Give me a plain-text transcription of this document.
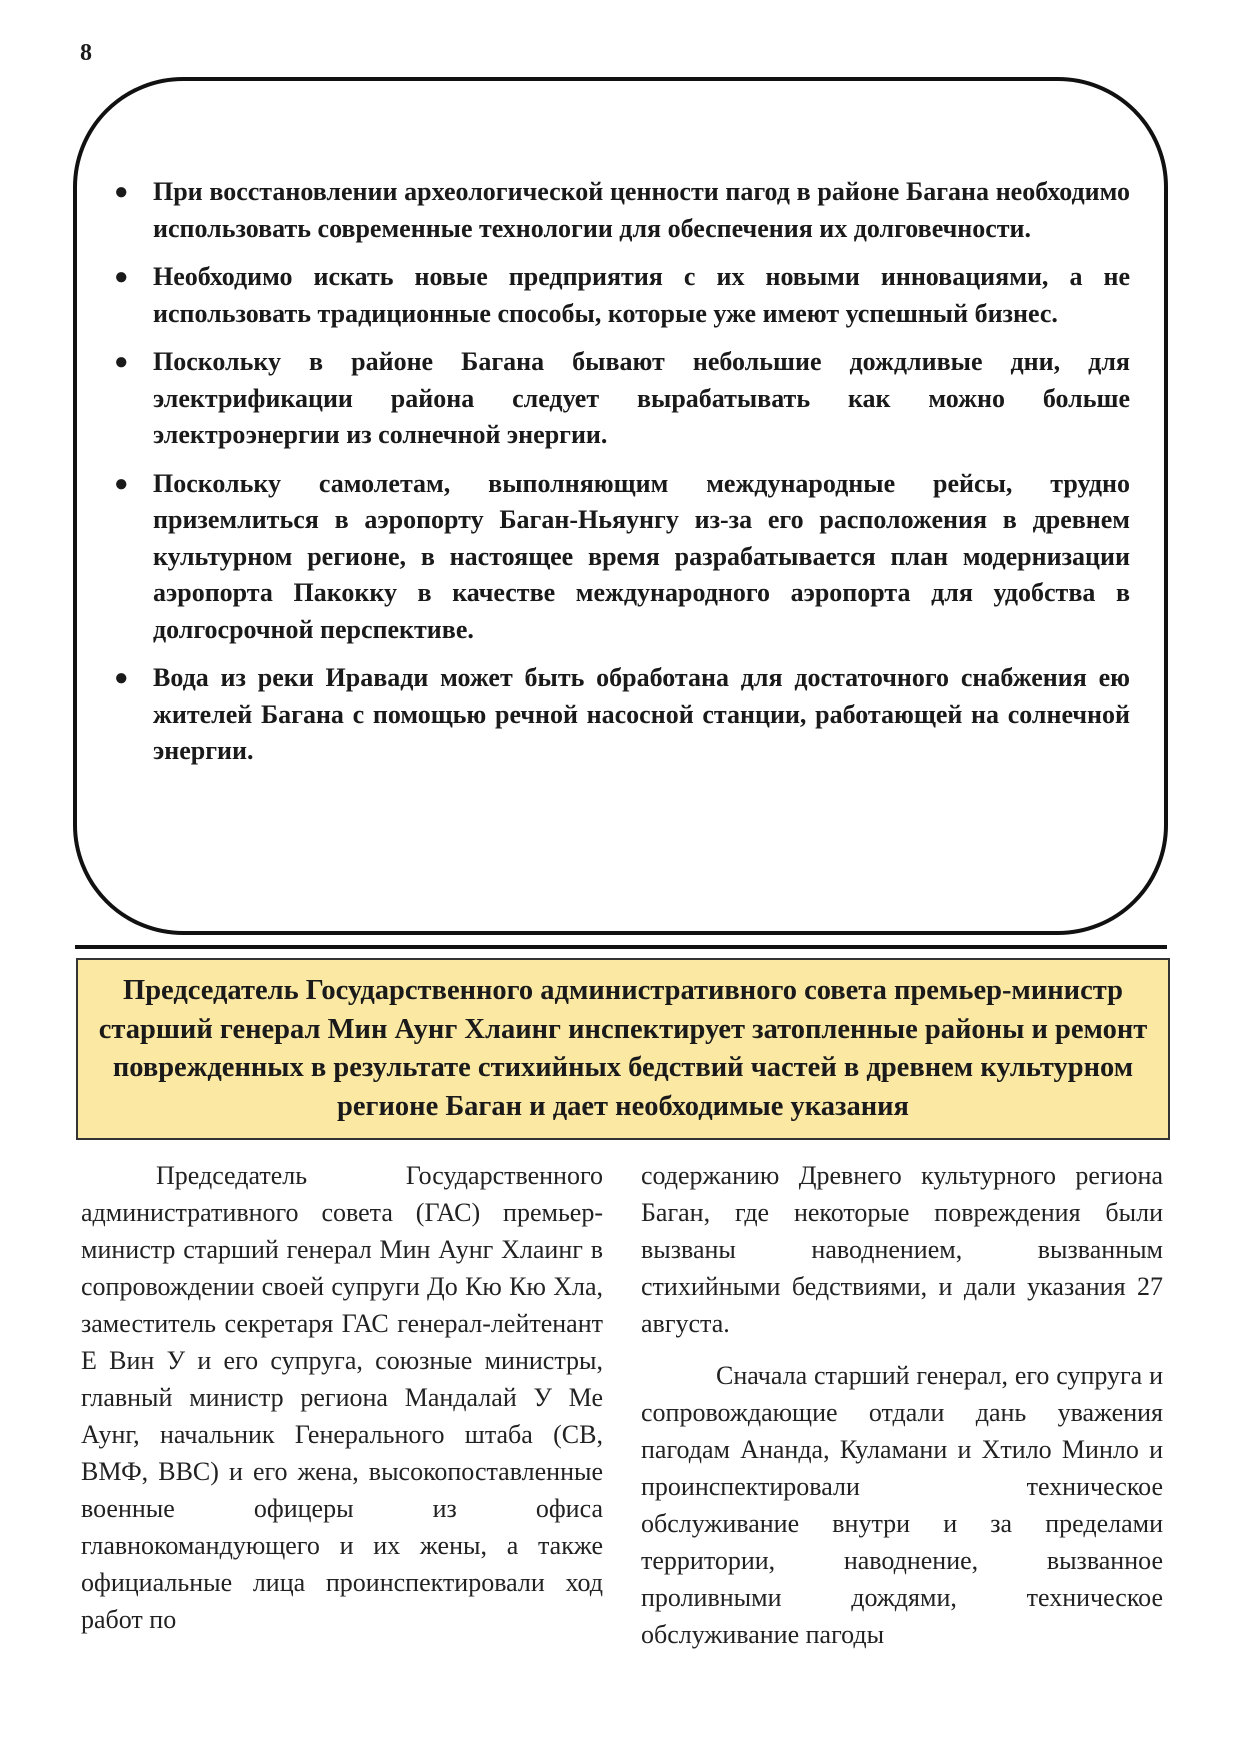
8
● При восстановлении археологической ценности пагод в районе Багана необходимо использовать современные технологии для обеспечения их долговечности.
● Необходимо искать новые предприятия с их новыми инновациями, а не использовать традиционные способы, которые уже имеют успешный бизнес.
● Поскольку в районе Багана бывают небольшие дождливые дни, для электрификации района следует вырабатывать как можно больше электроэнергии из солнечной энергии.
● Поскольку самолетам, выполняющим международные рейсы, трудно приземлиться в аэропорту Баган-Ньяунгу из-за его расположения в древнем культурном регионе, в настоящее время разрабатывается план модернизации аэропорта Пакокку в качестве международного аэропорта для удобства в долгосрочной перспективе.
● Вода из реки Иравади может быть обработана для достаточного снабжения ею жителей Багана с помощью речной насосной станции, работающей на солнечной энергии.
Председатель Государственного административного совета премьер-министр старший генерал Мин Аунг Хлаинг инспектирует затопленные районы и ремонт поврежденных в результате стихийных бедствий частей в древнем культурном регионе Баган и дает необходимые указания

Председатель Государственного административного совета (ГАС) премьер-министр старший генерал Мин Аунг Хлаинг в сопровождении своей супруги До Кю Кю Хла, заместитель секретаря ГАС генерал-лейтенант Е Вин У и его супруга, союзные министры, главный министр региона Мандалай У Ме Аунг, начальник Генерального штаба (СВ, ВМФ, ВВС) и его жена, высокопоставленные военные офицеры из офиса главнокомандующего и их жены, а также официальные лица проинспектировали ход работ по

содержанию Древнего культурного региона Баган, где некоторые повреждения были вызваны наводнением, вызванным стихийными бедствиями, и дали указания 27 августа.

Сначала старший генерал, его супруга и сопровождающие отдали дань уважения пагодам Ананда, Куламани и Хтило Минло и проинспектировали техническое обслуживание внутри и за пределами территории, наводнение, вызванное проливными дождями, техническое обслуживание пагоды
